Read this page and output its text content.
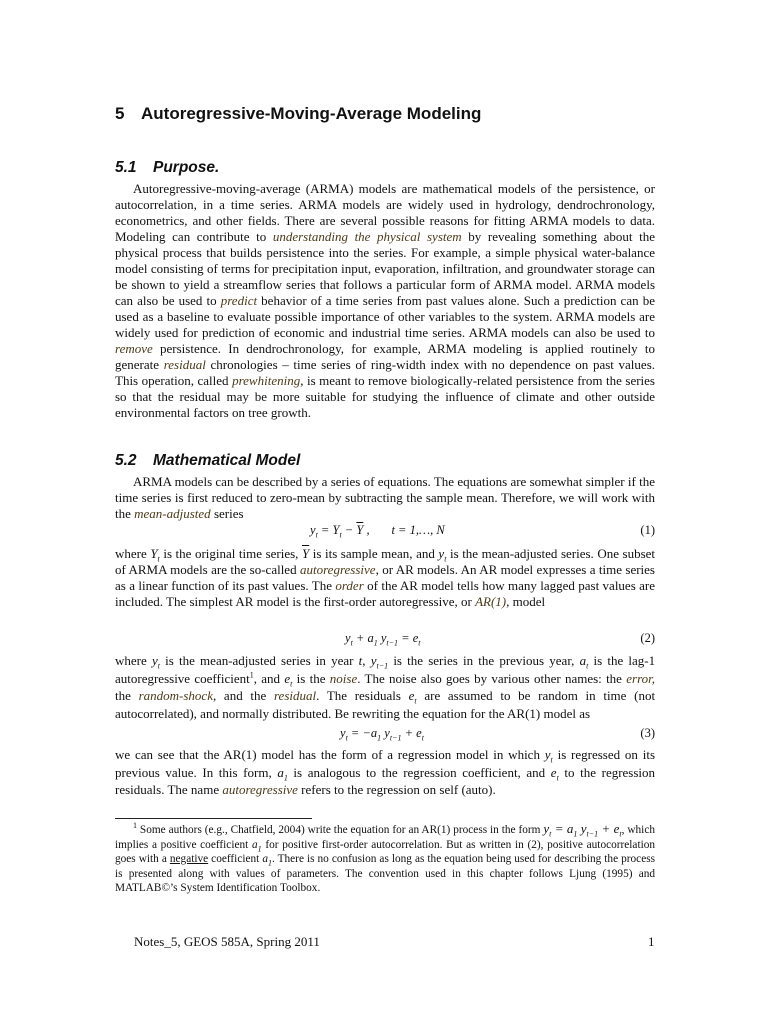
5 Autoregressive-Moving-Average Modeling
5.1 Purpose.
Autoregressive-moving-average (ARMA) models are mathematical models of the persistence, or autocorrelation, in a time series. ARMA models are widely used in hydrology, dendrochronology, econometrics, and other fields. There are several possible reasons for fitting ARMA models to data. Modeling can contribute to understanding the physical system by revealing something about the physical process that builds persistence into the series. For example, a simple physical water-balance model consisting of terms for precipitation input, evaporation, infiltration, and groundwater storage can be shown to yield a streamflow series that follows a particular form of ARMA model. ARMA models can also be used to predict behavior of a time series from past values alone. Such a prediction can be used as a baseline to evaluate possible importance of other variables to the system. ARMA models are widely used for prediction of economic and industrial time series. ARMA models can also be used to remove persistence. In dendrochronology, for example, ARMA modeling is applied routinely to generate residual chronologies – time series of ring-width index with no dependence on past values. This operation, called prewhitening, is meant to remove biologically-related persistence from the series so that the residual may be more suitable for studying the influence of climate and other outside environmental factors on tree growth.
5.2 Mathematical Model
ARMA models can be described by a series of equations. The equations are somewhat simpler if the time series is first reduced to zero-mean by subtracting the sample mean. Therefore, we will work with the mean-adjusted series
$y_t = Y_t - \overline{Y}$ ,       t = 1,…, N	(1)
where $Y_t$ is the original time series, $\overline{Y}$ is its sample mean, and $y_t$ is the mean-adjusted series. One subset of ARMA models are the so-called autoregressive, or AR models. An AR model expresses a time series as a linear function of its past values. The order of the AR model tells how many lagged past values are included. The simplest AR model is the first-order autoregressive, or AR(1), model
$y_t + a_1$ $y_{t-1} = e_t$	(2)
where $y_t$ is the mean-adjusted series in year t, $y_{t-1}$ is the series in the previous year, $a_t$ is the lag-1 autoregressive coefficient$^1$, and $e_t$ is the noise. The noise also goes by various other names: the error, the random-shock, and the residual. The residuals $e_t$ are assumed to be random in time (not autocorrelated), and normally distributed. Be rewriting the equation for the AR(1) model as
$y_t = -a_1$ $y_{t-1} + e_t$	(3)
we can see that the AR(1) model has the form of a regression model in which $y_t$ is regressed on its previous value. In this form, $a_1$ is analogous to the regression coefficient, and $e_t$ to the regression residuals. The name autoregressive refers to the regression on self (auto).
$^1$ Some authors (e.g., Chatfield, 2004) write the equation for an AR(1) process in the form $y_t = a_1$ $y_{t-1} + e_t$, which implies a positive coefficient $a_1$ for positive first-order autocorrelation. But as written in (2), positive autocorrelation goes with a negative coefficient $a_1$. There is no confusion as long as the equation being used for describing the process is presented along with values of parameters. The convention used in this chapter follows Ljung (1995) and MATLAB©’s System Identification Toolbox.
Notes_5, GEOS 585A, Spring 2011	1
